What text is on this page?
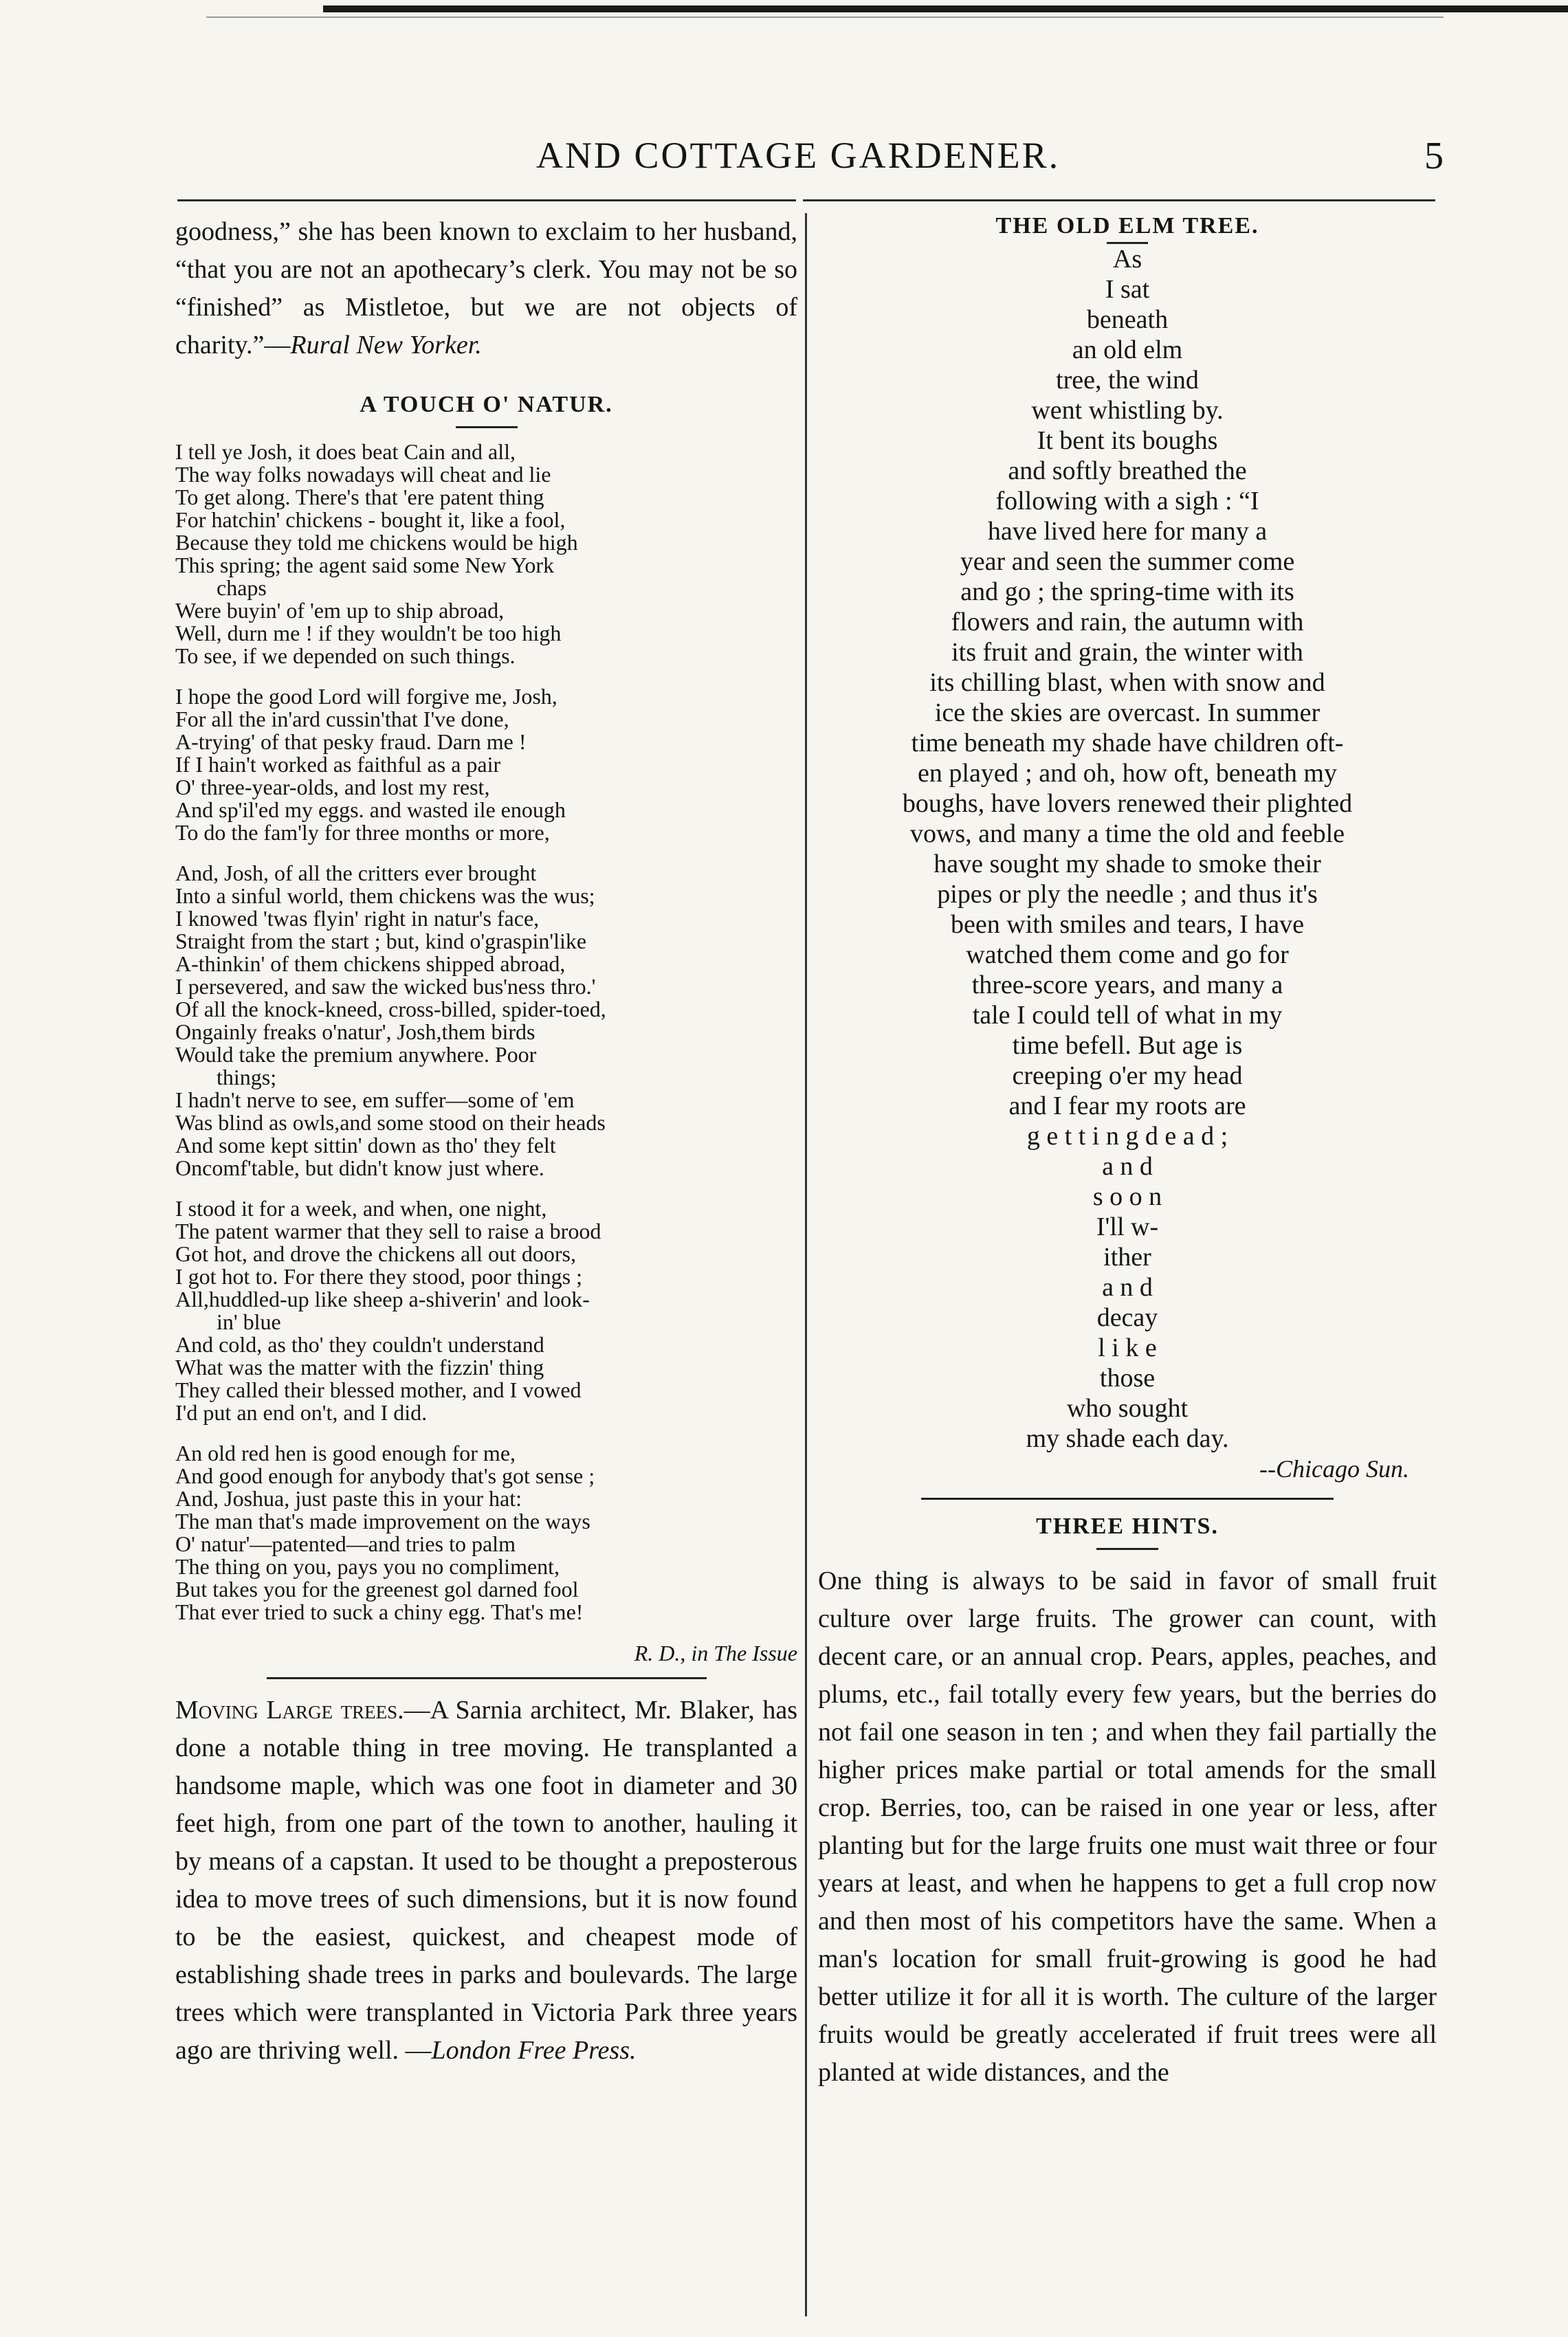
AND COTTAGE GARDENER.	5

goodness,” she has been known to exclaim to her husband, “that you are not an apothecary’s clerk. You may not be so “finished” as Mistletoe, but we are not objects of charity.”—Rural New Yorker.

A TOUCH O' NATUR.
I tell ye Josh, it does beat Cain and all,
The way folks nowadays will cheat and lie
To get along. There's that 'ere patent thing
For hatchin' chickens - bought it, like a fool,
Because they told me chickens would be high
This spring; the agent said some New York
chaps
Were buyin' of 'em up to ship abroad,
Well, durn me ! if they wouldn't be too high
To see, if we depended on such things.
I hope the good Lord will forgive me, Josh,
For all the in'ard cussin'that I've done,
A-trying' of that pesky fraud. Darn me !
If I hain't worked as faithful as a pair
O' three-year-olds, and lost my rest,
And sp'il'ed my eggs. and wasted ile enough
To do the fam'ly for three months or more,
And, Josh, of all the critters ever brought
Into a sinful world, them chickens was the wus;
I knowed 'twas flyin' right in natur's face,
Straight from the start ; but, kind o'graspin'like
A-thinkin' of them chickens shipped abroad,
I persevered, and saw the wicked bus'ness thro.'
Of all the knock-kneed, cross-billed, spider-toed,
Ongainly freaks o'natur', Josh,them birds
Would take the premium anywhere. Poor
things;
I hadn't nerve to see, em suffer—some of 'em
Was blind as owls,and some stood on their heads
And some kept sittin' down as tho' they felt
Oncomf'table, but didn't know just where.
I stood it for a week, and when, one night,
The patent warmer that they sell to raise a brood
Got hot, and drove the chickens all out doors,
I got hot to. For there they stood, poor things ;
All,huddled-up like sheep a-shiverin' and look-
in' blue
And cold, as tho' they couldn't understand
What was the matter with the fizzin' thing
They called their blessed mother, and I vowed
I'd put an end on't, and I did.
An old red hen is good enough for me,
And good enough for anybody that's got sense ;
And, Joshua, just paste this in your hat:
The man that's made improvement on the ways
O' natur'—patented—and tries to palm
The thing on you, pays you no compliment,
But takes you for the greenest gol darned fool
That ever tried to suck a chiny egg. That's me!

R. D., in The Issue

Moving Large trees.—A Sarnia architect, Mr. Blaker, has done a notable thing in tree moving. He transplanted a handsome maple, which was one foot in diameter and 30 feet high, from one part of the town to another, hauling it by means of a capstan. It used to be thought a preposterous idea to move trees of such dimensions, but it is now found to be the easiest, quickest, and cheapest mode of establishing shade trees in parks and boulevards. The large trees which were transplanted in Victoria Park three years ago are thriving well. —London Free Press.

THE OLD ELM TREE.
As
I sat
beneath
an old elm
tree, the wind
went whistling by.
It bent its boughs
and softly breathed the
following with a sigh : “I
have lived here for many a
year and seen the summer come
and go ; the spring-time with its
flowers and rain, the autumn with
its fruit and grain, the winter with
its chilling blast, when with snow and
ice the skies are overcast. In summer
time beneath my shade have children oft-
en played ; and oh, how oft, beneath my
boughs, have lovers renewed their plighted
vows, and many a time the old and feeble
have sought my shade to smoke their
pipes or ply the needle ; and thus it's
been with smiles and tears, I have
watched them come and go for
three-score years, and many a
tale I could tell of what in my
time befell. But age is
creeping o'er my head
and I fear my roots are
g e t t i n g d e a d ;
a n d
s o o n
I'll w-
ither
a n d
decay
l i k e
those
who sought
my shade each day.

--Chicago Sun.

THREE HINTS.

One thing is always to be said in favor of small fruit culture over large fruits. The grower can count, with decent care, or an annual crop. Pears, apples, peaches, and plums, etc., fail totally every few years, but the berries do not fail one season in ten ; and when they fail partially the higher prices make partial or total amends for the small crop. Berries, too, can be raised in one year or less, after planting but for the large fruits one must wait three or four years at least, and when he happens to get a full crop now and then most of his competitors have the same. When a man's location for small fruit-growing is good he had better utilize it for all it is worth. The culture of the larger fruits would be greatly accelerated if fruit trees were all planted at wide distances, and the
